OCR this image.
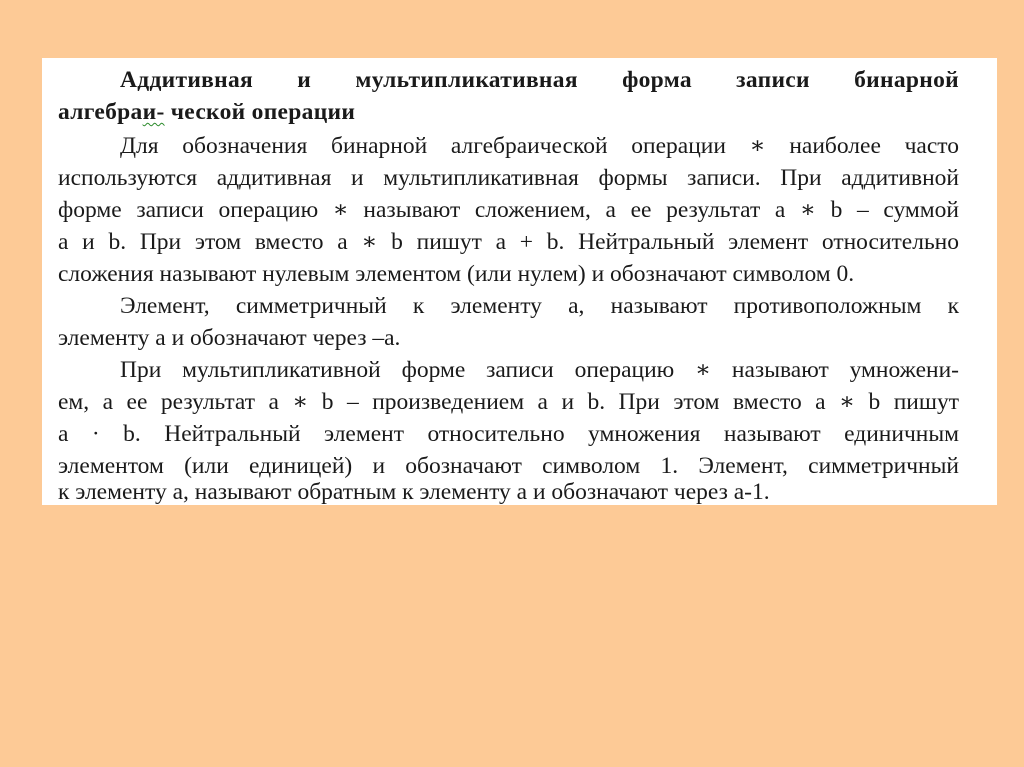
Аддитивная и мультипликативная форма записи бинарной
алгебраи- ческой операции
Для обозначения бинарной алгебраической операции ∗ наиболее часто
используются аддитивная и мультипликативная формы записи. При аддитивной
форме записи операцию ∗ называют сложением, а ее результат a ∗ b – суммой
а и b. При этом вместо a ∗ b пишут а + b. Нейтральный элемент относительно
сложения называют нулевым элементом (или нулем) и обозначают символом 0.
Элемент, симметричный к элементу а, называют противоположным к
элементу а и обозначают через –а.
При мультипликативной форме записи операцию ∗ называют умножени-
ем, а ее результат а ∗ b – произведением а и b. При этом вместо а ∗ b пишут
a · b. Нейтральный элемент относительно умножения называют единичным
элементом (или единицей) и обозначают символом 1. Элемент, симметричный
к элементу а, называют обратным к элементу а и обозначают через а-1.
